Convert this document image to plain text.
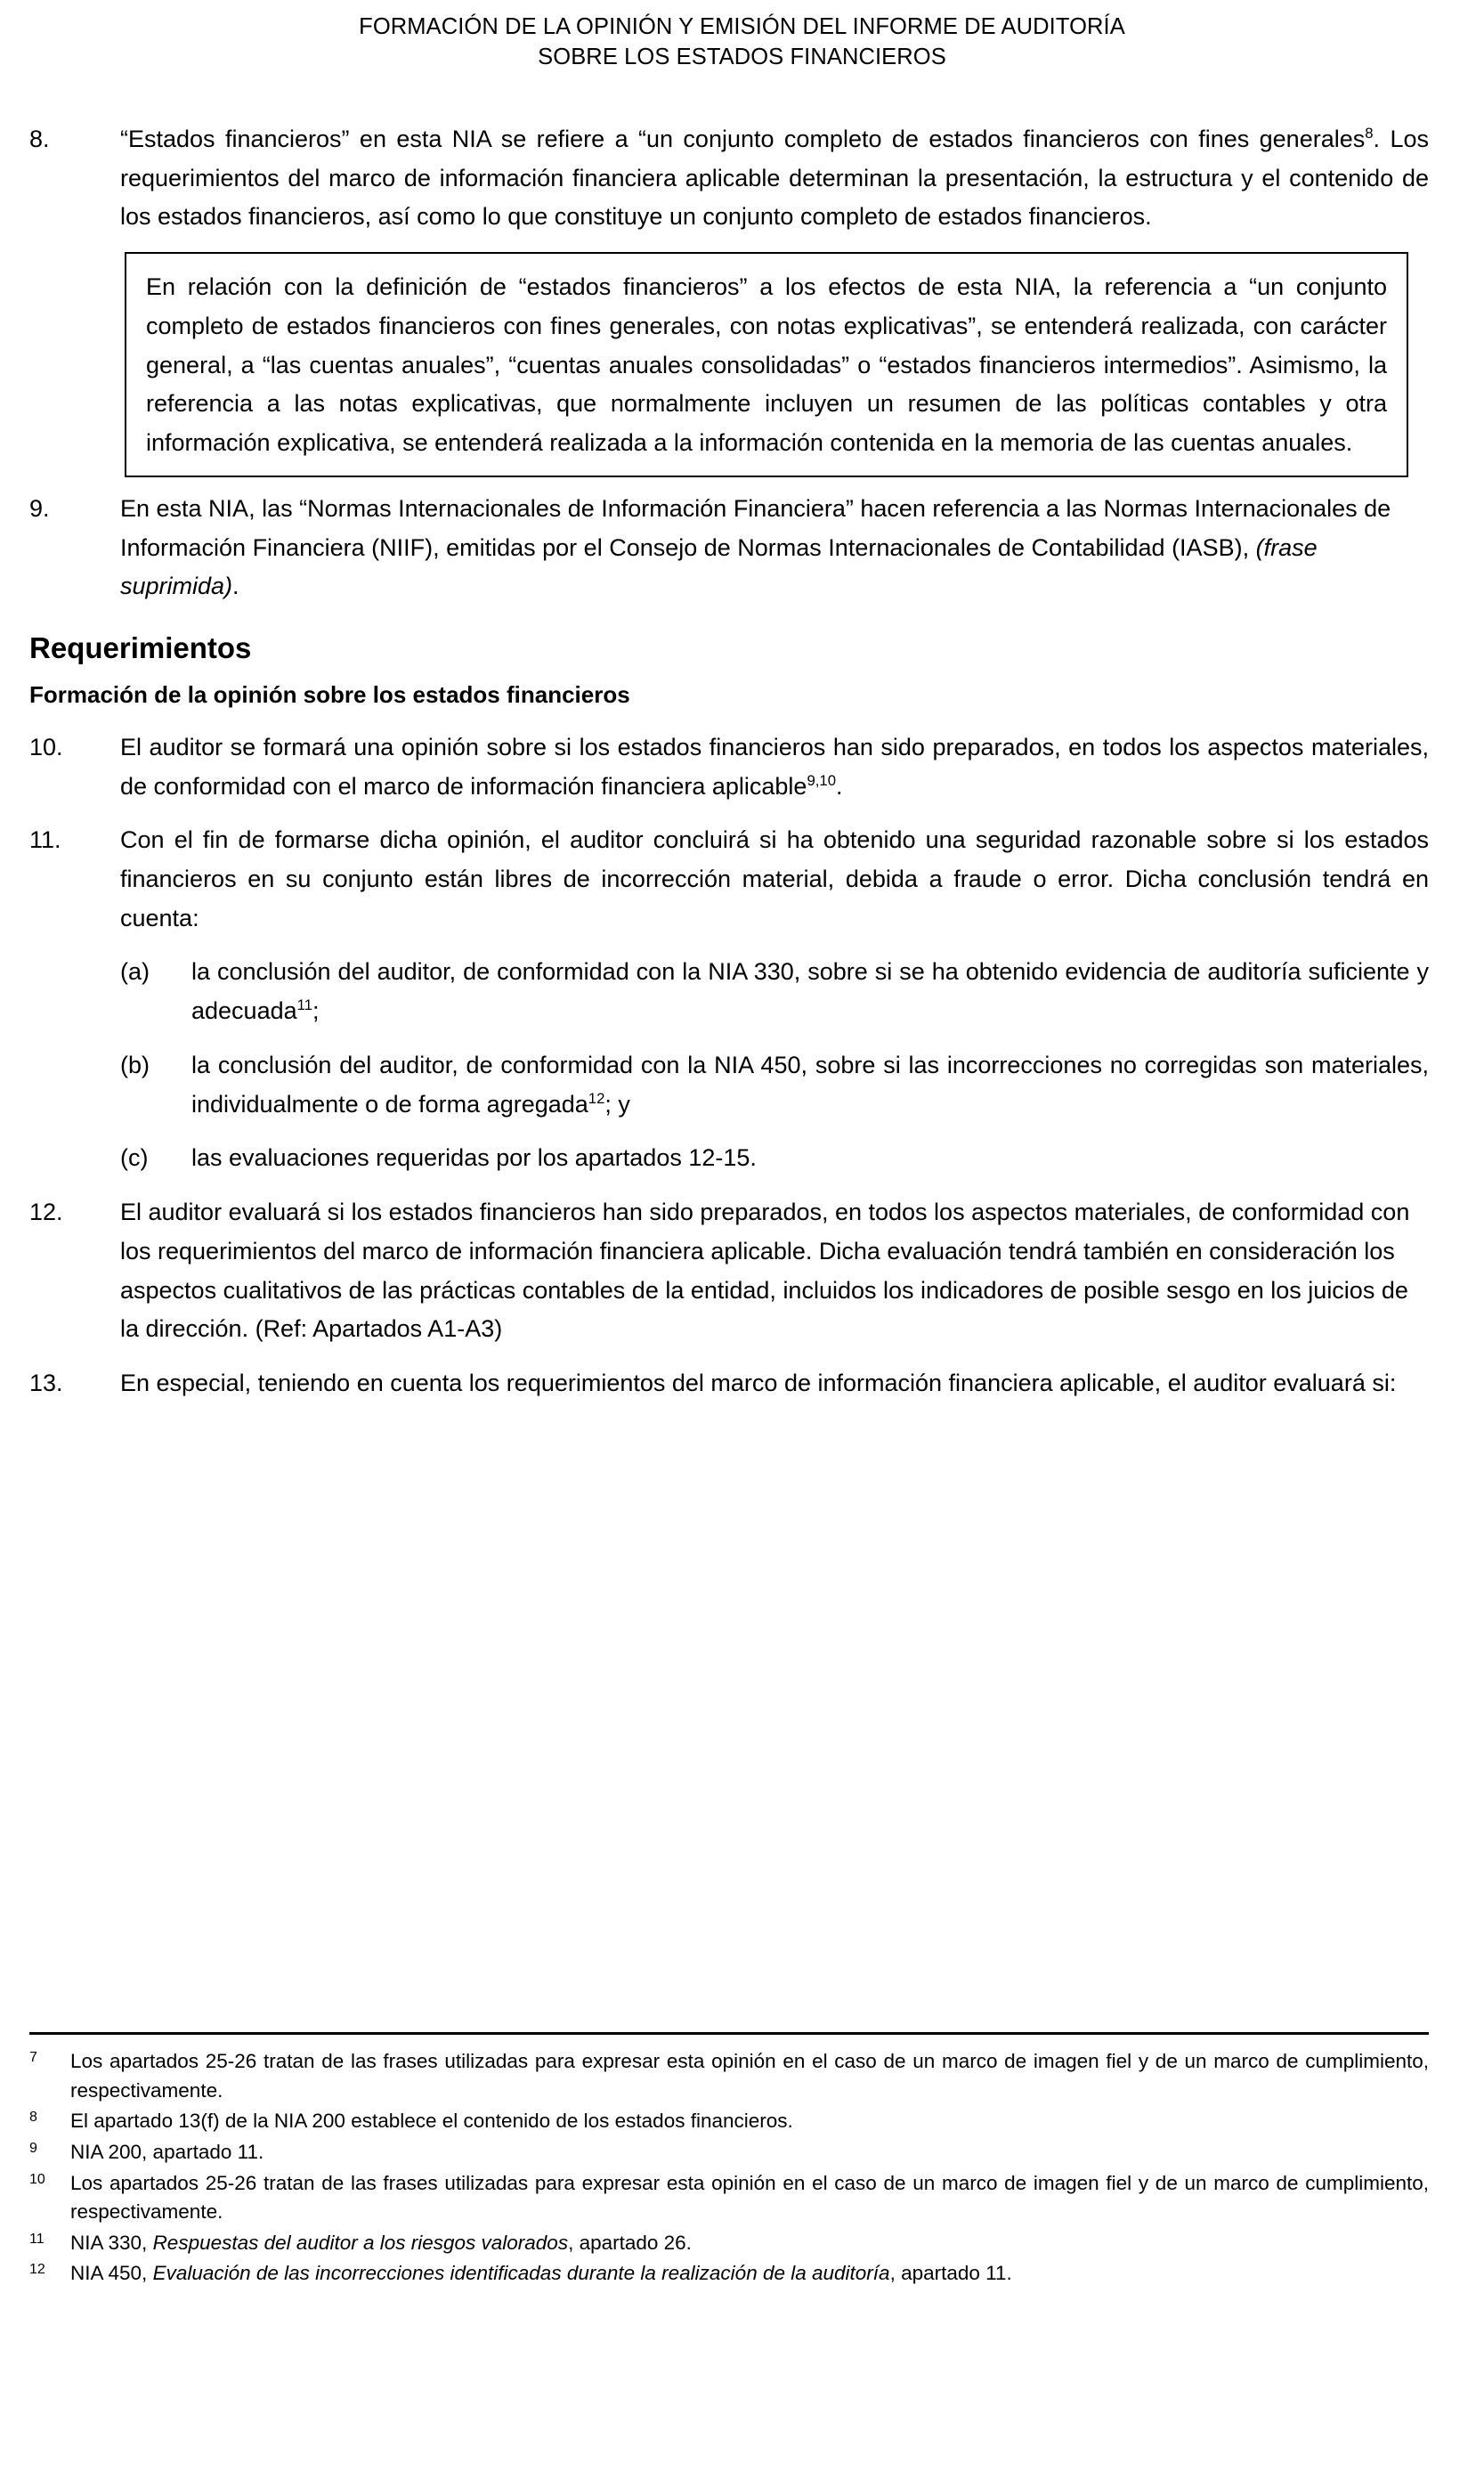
FORMACIÓN DE LA OPINIÓN Y EMISIÓN DEL INFORME DE AUDITORÍA
SOBRE LOS ESTADOS FINANCIEROS
8.	“Estados financieros” en esta NIA se refiere a “un conjunto completo de estados financieros con fines generales$^8$. Los requerimientos del marco de información financiera aplicable determinan la presentación, la estructura y el contenido de los estados financieros, así como lo que constituye un conjunto completo de estados financieros.

En relación con la definición de “estados financieros” a los efectos de esta NIA, la referencia a “un conjunto completo de estados financieros con fines generales, con notas explicativas”, se entenderá realizada, con carácter general, a “las cuentas anuales”, “cuentas anuales consolidadas” o “estados financieros intermedios”. Asimismo, la referencia a las notas explicativas, que normalmente incluyen un resumen de las políticas contables y otra información explicativa, se entenderá realizada a la información contenida en la memoria de las cuentas anuales.

9.	En esta NIA, las “Normas Internacionales de Información Financiera” hacen referencia a las Normas Internacionales de Información Financiera (NIIF), emitidas por el Consejo de Normas Internacionales de Contabilidad (IASB), (frase suprimida).
Requerimientos
Formación de la opinión sobre los estados financieros
10.	El auditor se formará una opinión sobre si los estados financieros han sido preparados, en todos los aspectos materiales, de conformidad con el marco de información financiera aplicable$^{9,10}$.
11.	Con el fin de formarse dicha opinión, el auditor concluirá si ha obtenido una seguridad razonable sobre si los estados financieros en su conjunto están libres de incorrección material, debida a fraude o error. Dicha conclusión tendrá en cuenta:
(a)	la conclusión del auditor, de conformidad con la NIA 330, sobre si se ha obtenido evidencia de auditoría suficiente y adecuada$^{11}$;
(b)	la conclusión del auditor, de conformidad con la NIA 450, sobre si las incorrecciones no corregidas son materiales, individualmente o de forma agregada$^{12}$; y
(c)	las evaluaciones requeridas por los apartados 12-15.
12.	El auditor evaluará si los estados financieros han sido preparados, en todos los aspectos materiales, de conformidad con los requerimientos del marco de información financiera aplicable. Dicha evaluación tendrá también en consideración los aspectos cualitativos de las prácticas contables de la entidad, incluidos los indicadores de posible sesgo en los juicios de la dirección. (Ref: Apartados A1-A3)
13.	En especial, teniendo en cuenta los requerimientos del marco de información financiera aplicable, el auditor evaluará si:
7	Los apartados 25-26 tratan de las frases utilizadas para expresar esta opinión en el caso de un marco de imagen fiel y de un marco de cumplimiento, respectivamente.
8	El apartado 13(f) de la NIA 200 establece el contenido de los estados financieros.
9	NIA 200, apartado 11.
10	Los apartados 25-26 tratan de las frases utilizadas para expresar esta opinión en el caso de un marco de imagen fiel y de un marco de cumplimiento, respectivamente.
11	NIA 330, Respuestas del auditor a los riesgos valorados, apartado 26.
12	NIA 450, Evaluación de las incorrecciones identificadas durante la realización de la auditoría, apartado 11.
